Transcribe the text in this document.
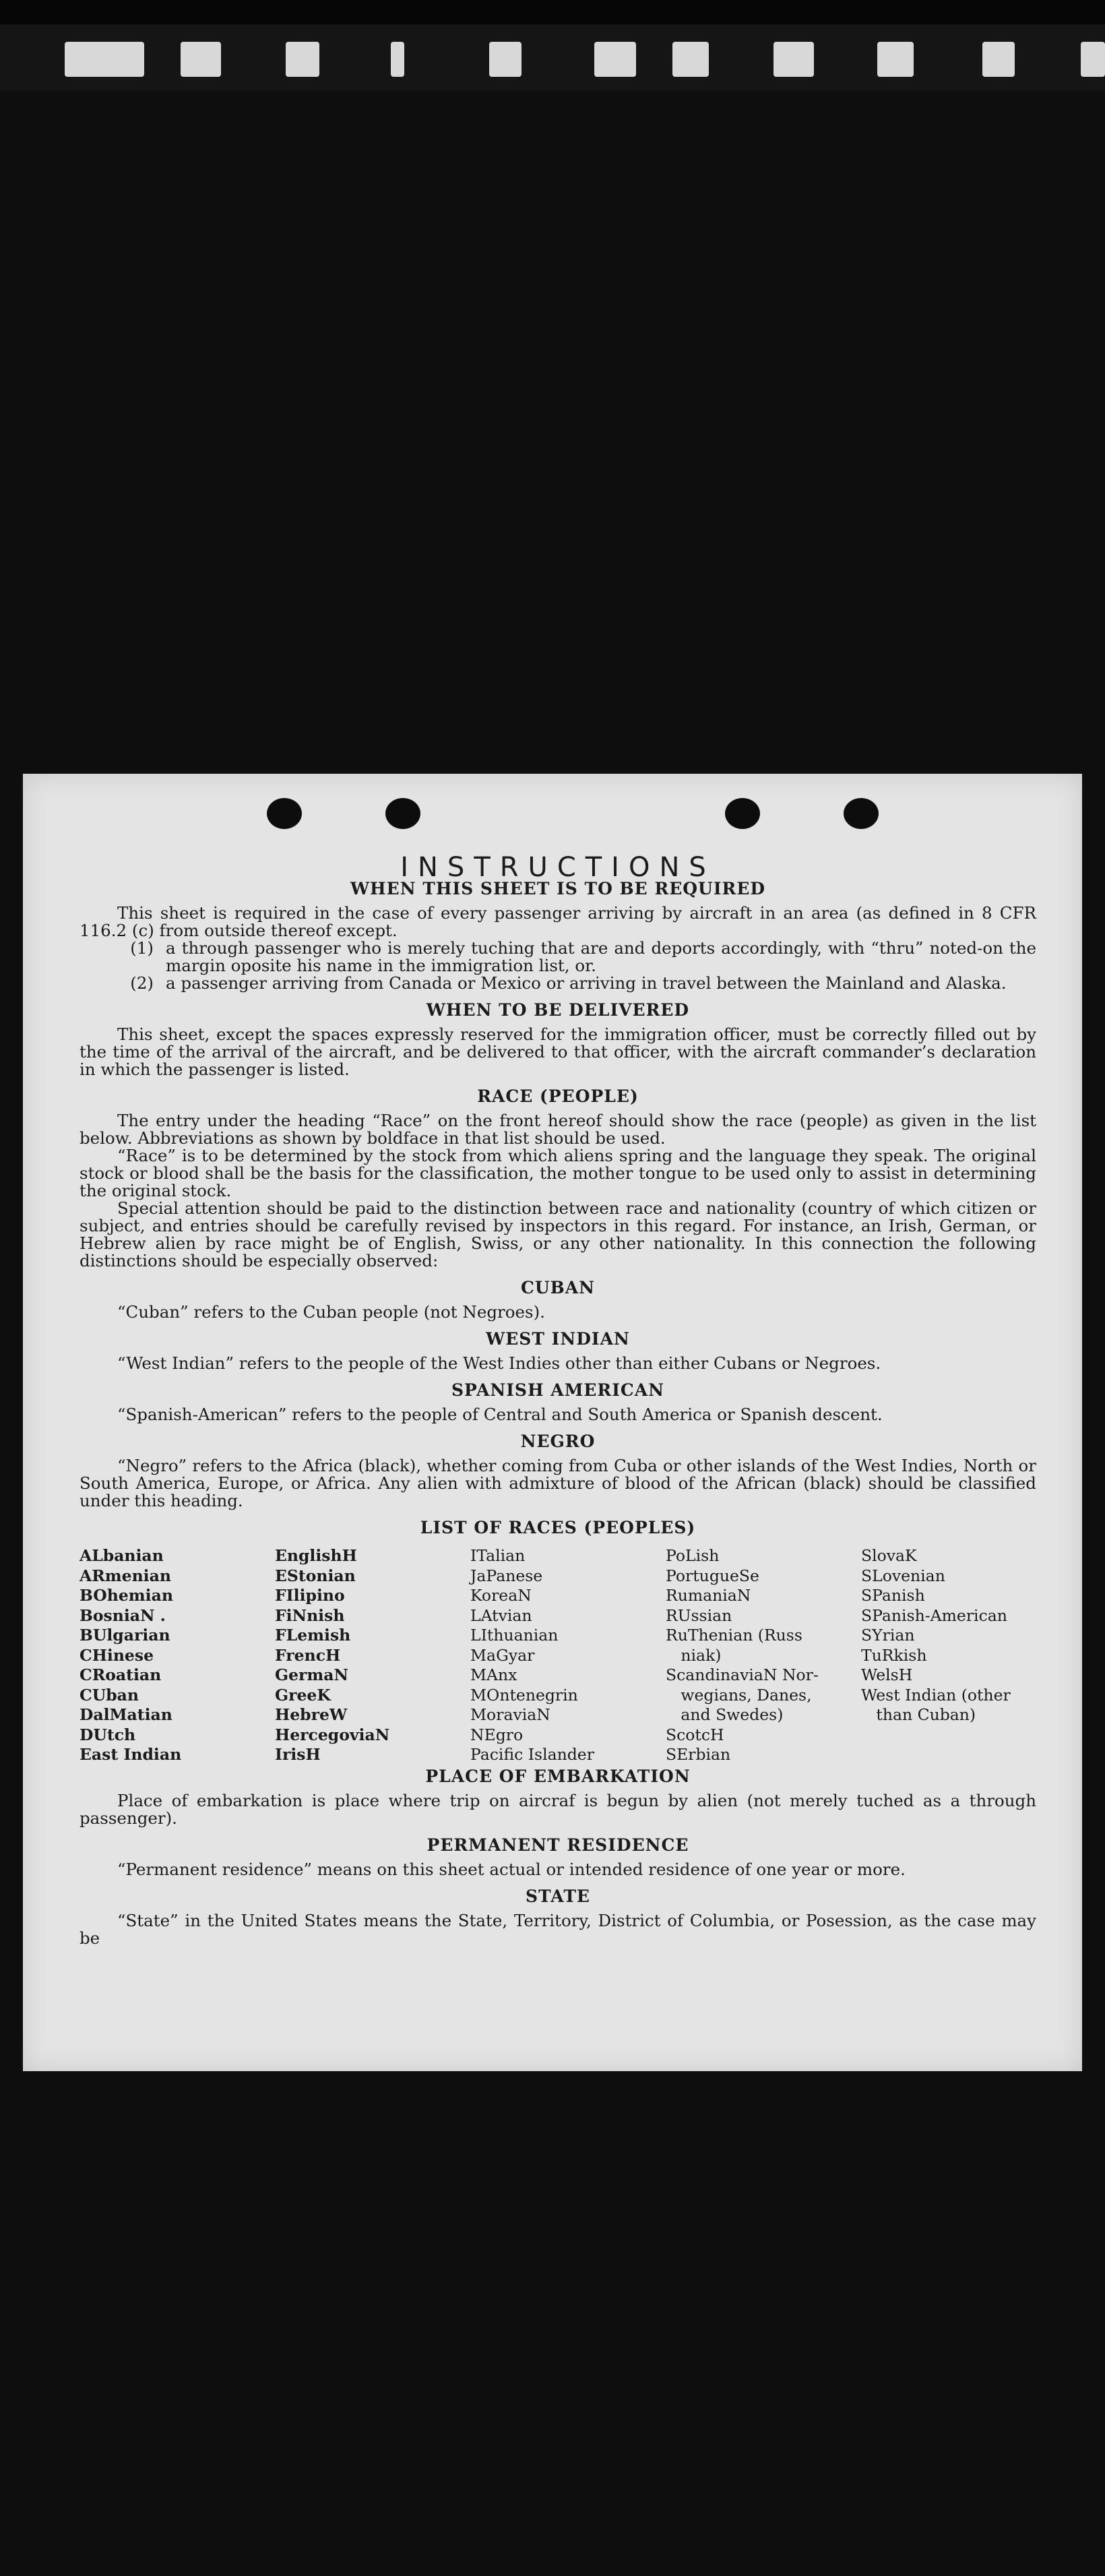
INSTRUCTIONS
WHEN THIS SHEET IS TO BE REQUIRED

This sheet is required in the case of every passenger arriving by aircraft in an area (as defined in 8 CFR 116.2 (c) from outside thereof except.

(1) a through passenger who is merely tuching that are and deports accordingly, with “thru” noted-on the margin oposite his name in the immigration list, or.
(2) a passenger arriving from Canada or Mexico or arriving in travel between the Mainland and Alaska.
WHEN TO BE DELIVERED

This sheet, except the spaces expressly reserved for the immigration officer, must be correctly filled out by the time of the arrival of the aircraft, and be delivered to that officer, with the aircraft commander’s declaration in which the passenger is listed.

RACE (PEOPLE)

The entry under the heading “Race” on the front hereof should show the race (people) as given in the list below. Abbreviations as shown by boldface in that list should be used.

“Race” is to be determined by the stock from which aliens spring and the language they speak. The original stock or blood shall be the basis for the classification, the mother tongue to be used only to assist in determining the original stock.

Special attention should be paid to the distinction between race and nationality (country of which citizen or subject, and entries should be carefully revised by inspectors in this regard. For instance, an Irish, German, or Hebrew alien by race might be of English, Swiss, or any other nationality. In this connection the following distinctions should be especially observed:

CUBAN

“Cuban” refers to the Cuban people (not Negroes).

WEST INDIAN

“West Indian” refers to the people of the West Indies other than either Cubans or Negroes.

SPANISH AMERICAN

“Spanish-American” refers to the people of Central and South America or Spanish descent.

NEGRO

“Negro” refers to the Africa (black), whether coming from Cuba or other islands of the West Indies, North or South America, Europe, or Africa. Any alien with admixture of blood of the African (black) should be classified under this heading.

LIST OF RACES (PEOPLES)
ALbanian
ARmenian
BOhemian
BosniaN .
BUlgarian
CHinese
CRoatian
CUban
DalMatian
DUtch
East Indian
EnglishH
EStonian
FIlipino
FiNnish
FLemish
FrencH
GermaN
GreeK
HebreW
HercegoviaN
IrisH
ITalian
JaPanese
KoreaN
LAtvian
LIthuanian
MaGyar
MAnx
MOntenegrin
MoraviaN
NEgro
Pacific Islander
PoLish
PortugueSe
RumaniaN
RUssian
RuThenian (Russ
niak)
ScandinaviaN Nor-
wegians, Danes,
and Swedes)
ScotcH
SErbian
SlovaK
SLovenian
SPanish
SPanish-American
SYrian
TuRkish
WelsH
West Indian (other
than Cuban)
PLACE OF EMBARKATION

Place of embarkation is place where trip on aircraf is begun by alien (not merely tuched as a through passenger).

PERMANENT RESIDENCE

“Permanent residence” means on this sheet actual or intended residence of one year or more.

STATE

“State” in the United States means the State, Territory, District of Columbia, or Posession, as the case may be
